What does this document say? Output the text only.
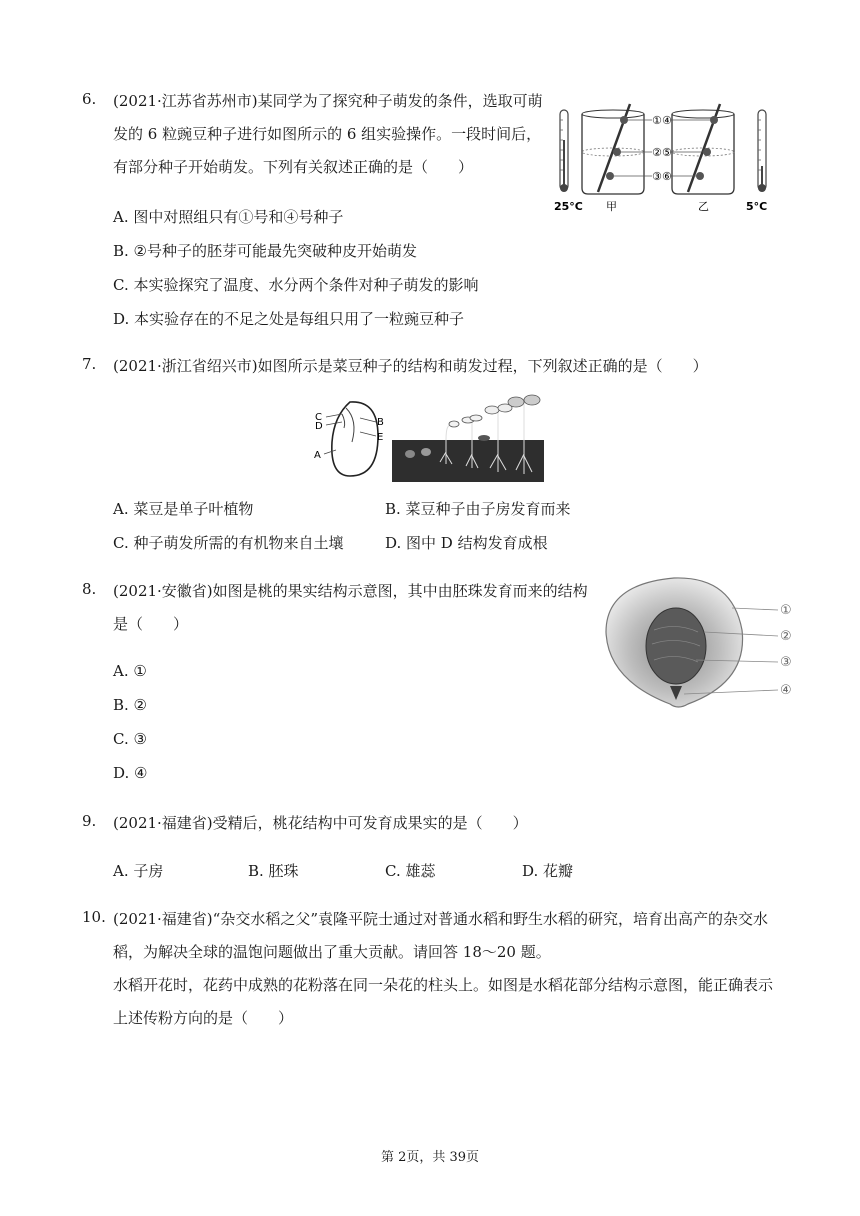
6. (2021·江苏省苏州市)某同学为了探究种子萌发的条件，选取可萌
发的 6 粒豌豆种子进行如图所示的 6 组实验操作。一段时间后，
有部分种子开始萌发。下列有关叙述正确的是（　　）
A. 图中对照组只有①号和④号种子
B. ②号种子的胚芽可能最先突破种皮开始萌发
C. 本实验探究了温度、水分两个条件对种子萌发的影响
D. 本实验存在的不足之处是每组只用了一粒豌豆种子
① ④
② ⑤
③ ⑥
25°C 甲	乙	5°C
7. (2021·浙江省绍兴市)如图所示是菜豆种子的结构和萌发过程，下列叙述正确的是（　　）
C
D	B
E
A
A. 菜豆是单子叶植物	B. 菜豆种子由子房发育而来
C. 种子萌发所需的有机物来自土壤	D. 图中 D 结构发育成根
8. (2021·安徽省)如图是桃的果实结构示意图，其中由胚珠发育而来的结构
是（　　）
A. ①
B. ②
C. ③
D. ④
①
②
③
④
9. (2021·福建省)受精后，桃花结构中可发育成果实的是（　　）
A. 子房	B. 胚珠	C. 雄蕊	D. 花瓣
10. (2021·福建省)“杂交水稻之父”袁隆平院士通过对普通水稻和野生水稻的研究，培育出高产的杂交水
稻，为解决全球的温饱问题做出了重大贡献。请回答 18～20 题。
水稻开花时，花药中成熟的花粉落在同一朵花的柱头上。如图是水稻花部分结构示意图，能正确表示
上述传粉方向的是（　　）
第 2页，共 39页
